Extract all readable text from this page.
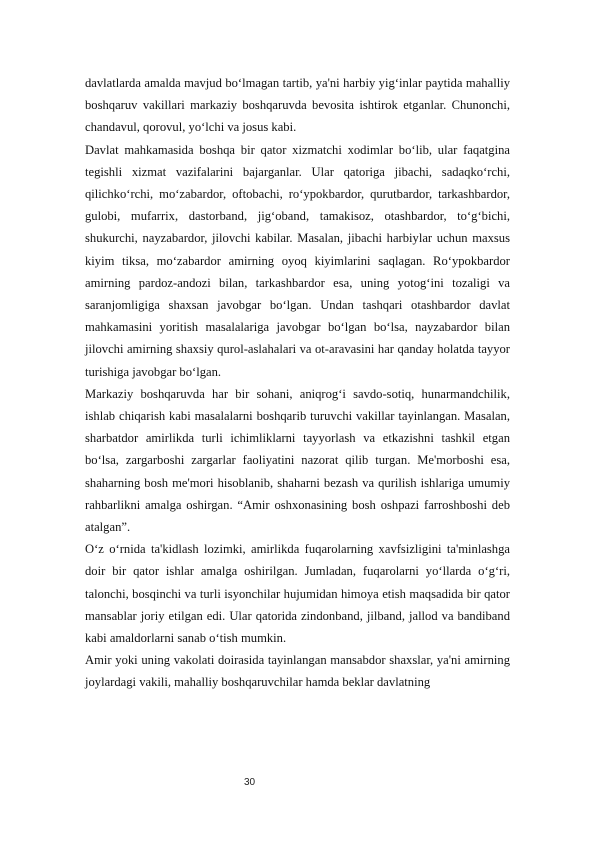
davlatlarda amalda mavjud boʻlmagan tartib, ya'ni harbiy yigʻinlar paytida mahalliy boshqaruv vakillari markaziy boshqaruvda bevosita ishtirok etganlar. Chunonchi, chandavul, qorovul, yoʻlchi va josus kabi.

Davlat mahkamasida boshqa bir qator xizmatchi xodimlar boʻlib, ular faqatgina tegishli xizmat vazifalarini bajarganlar. Ular qatoriga jibachi, sadaqkoʻrchi, qilichkoʻrchi, moʻzabardor, oftobachi, roʻypokbardor, qurutbardor, tarkashbardor, gulobi, mufarrix, dastorband, jigʻoband, tamakisoz, otashbardor, toʻgʻbichi, shukurchi, nayzabardor, jilovchi kabilar. Masalan, jibachi harbiylar uchun maxsus kiyim tiksa, moʻzabardor amirning oyoq kiyimlarini saqlagan. Roʻypokbardor amirning pardoz-andozi bilan, tarkashbardor esa, uning yotogʻini tozaligi va saranjomligiga shaxsan javobgar boʻlgan. Undan tashqari otashbardor davlat mahkamasini yoritish masalalariga javobgar boʻlgan boʻlsa, nayzabardor bilan jilovchi amirning shaxsiy qurol-aslahalari va ot-aravasini har qanday holatda tayyor turishiga javobgar boʻlgan.

Markaziy boshqaruvda har bir sohani, aniqrogʻi savdo-sotiq, hunarmandchilik, ishlab chiqarish kabi masalalarni boshqarib turuvchi vakillar tayinlangan. Masalan, sharbatdor amirlikda turli ichimliklarni tayyorlash va etkazishni tashkil etgan boʻlsa, zargarboshi zargarlar faoliyatini nazorat qilib turgan. Me'morboshi esa, shaharning bosh me'mori hisoblanib, shaharni bezash va qurilish ishlariga umumiy rahbarlikni amalga oshirgan. “Amir oshxonasining bosh oshpazi farroshboshi deb atalgan”.

Oʻz oʻrnida ta'kidlash lozimki, amirlikda fuqarolarning xavfsizligini ta'minlashga doir bir qator ishlar amalga oshirilgan. Jumladan, fuqarolarni yoʻllarda oʻgʻri, talonchi, bosqinchi va turli isyonchilar hujumidan himoya etish maqsadida bir qator mansablar joriy etilgan edi. Ular qatorida zindonband, jilband, jallod va bandiband kabi amaldorlarni sanab oʻtish mumkin.

Amir yoki uning vakolati doirasida tayinlangan mansabdor shaxslar, ya'ni amirning joylardagi vakili, mahalliy boshqaruvchilar hamda beklar davlatning

30
